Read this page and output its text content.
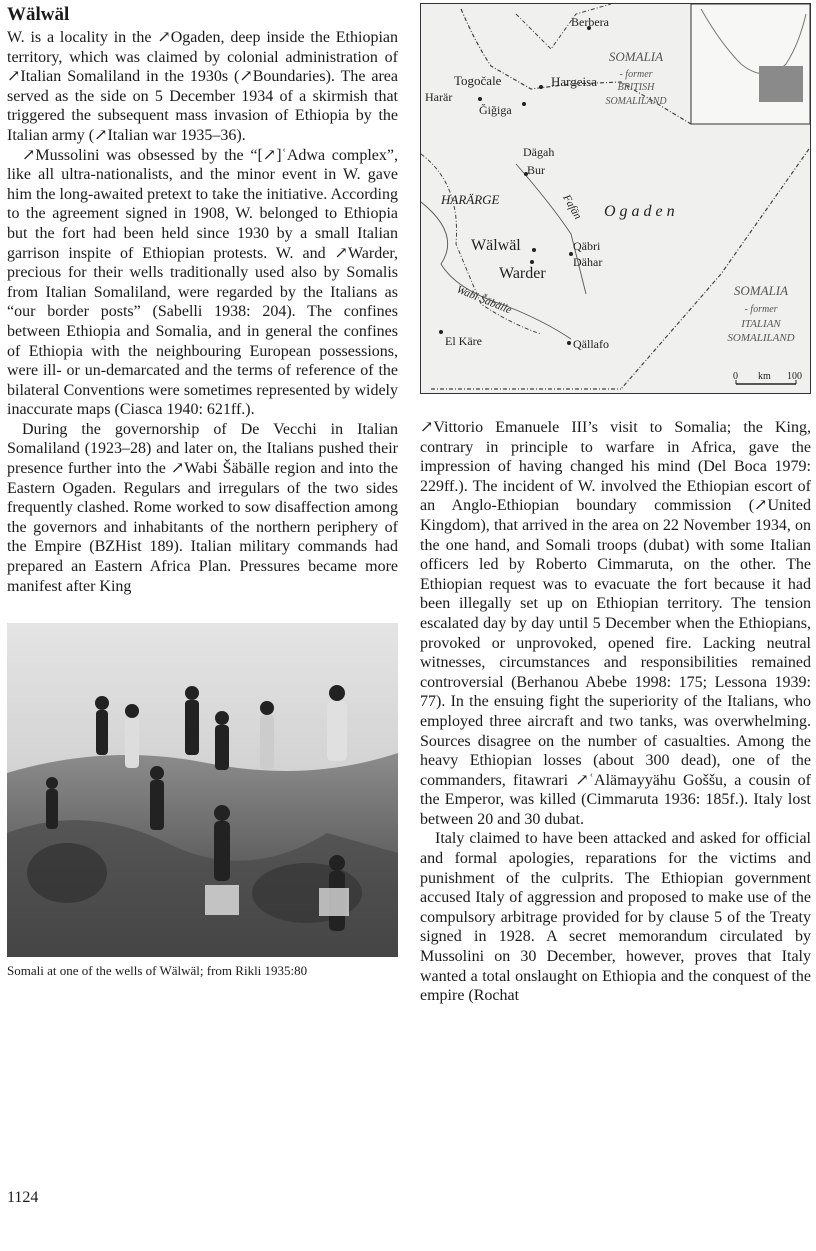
Wälwäl

W. is a locality in the ↗Ogaden, deep inside the Ethiopian territory, which was claimed by colonial administration of ↗Italian Somaliland in the 1930s (↗Boundaries). The area served as the side on 5 December 1934 of a skirmish that triggered the subsequent mass invasion of Ethiopia by the Italian army (↗Italian war 1935–36).

↗Mussolini was obsessed by the “[↗]ʿAdwa complex”, like all ultra-nationalists, and the minor event in W. gave him the long-awaited pretext to take the initiative. According to the agreement signed in 1908, W. belonged to Ethiopia but the fort had been held since 1930 by a small Italian garrison inspite of Ethiopian protests. W. and ↗Warder, precious for their wells traditionally used also by Somalis from Italian Somaliland, were regarded by the Italians as “our border posts” (Sabelli 1938: 204). The confines between Ethiopia and Somalia, and in general the confines of Ethiopia with the neighbouring European possessions, were ill- or un-demarcated and the terms of reference of the bilateral Conventions were sometimes represented by widely inaccurate maps (Ciasca 1940: 621ff.).

During the governorship of De Vecchi in Italian Somaliland (1923–28) and later on, the Italians pushed their presence further into the ↗Wabi Šäbälle region and into the Eastern Ogaden. Regulars and irregulars of the two sides frequently clashed. Rome worked to sow disaffection among the governors and inhabitants of the northern periphery of the Empire (BZHist 189). Italian military commands had prepared an Eastern Africa Plan. Pressures became more manifest after King

Somali at one of the wells of Wälwäl; from Rikli 1935:80
Berbera
Hargeisa
Togočale
Harär
Ğiğiga
Dägah
Bur
HARÄRGE	Fafän O g a d e n
Wälwäl
Warder
Qäbri
Dähar
Wabi Šäbälle
El Käre	Qällafo
SOMALIA
- former
BRITISH
SOMALILAND
SOMALIA
- former
ITALIAN
SOMALILAND
0 km 100

↗Vittorio Emanuele III’s visit to Somalia; the King, contrary in principle to warfare in Africa, gave the impression of having changed his mind (Del Boca 1979: 229ff.). The incident of W. involved the Ethiopian escort of an Anglo-Ethiopian boundary commission (↗United Kingdom), that arrived in the area on 22 November 1934, on the one hand, and Somali troops (dubat) with some Italian officers led by Roberto Cimmaruta, on the other. The Ethiopian request was to evacuate the fort because it had been illegally set up on Ethiopian territory. The tension escalated day by day until 5 December when the Ethiopians, provoked or unprovoked, opened fire. Lacking neutral witnesses, circumstances and responsibilities remained controversial (Berhanou Abebe 1998: 175; Lessona 1939: 77). In the ensuing fight the superiority of the Italians, who employed three aircraft and two tanks, was overwhelming. Sources disagree on the number of casualties. Among the heavy Ethiopian losses (about 300 dead), one of the commanders, fitawrari ↗ʿAlämayyähu Goššu, a cousin of the Emperor, was killed (Cimmaruta 1936: 185f.). Italy lost between 20 and 30 dubat.

Italy claimed to have been attacked and asked for official and formal apologies, reparations for the victims and punishment of the culprits. The Ethiopian government accused Italy of aggression and proposed to make use of the compulsory arbitrage provided for by clause 5 of the Treaty signed in 1928. A secret memorandum circulated by Mussolini on 30 December, however, proves that Italy wanted a total onslaught on Ethiopia and the conquest of the empire (Rochat

1124
